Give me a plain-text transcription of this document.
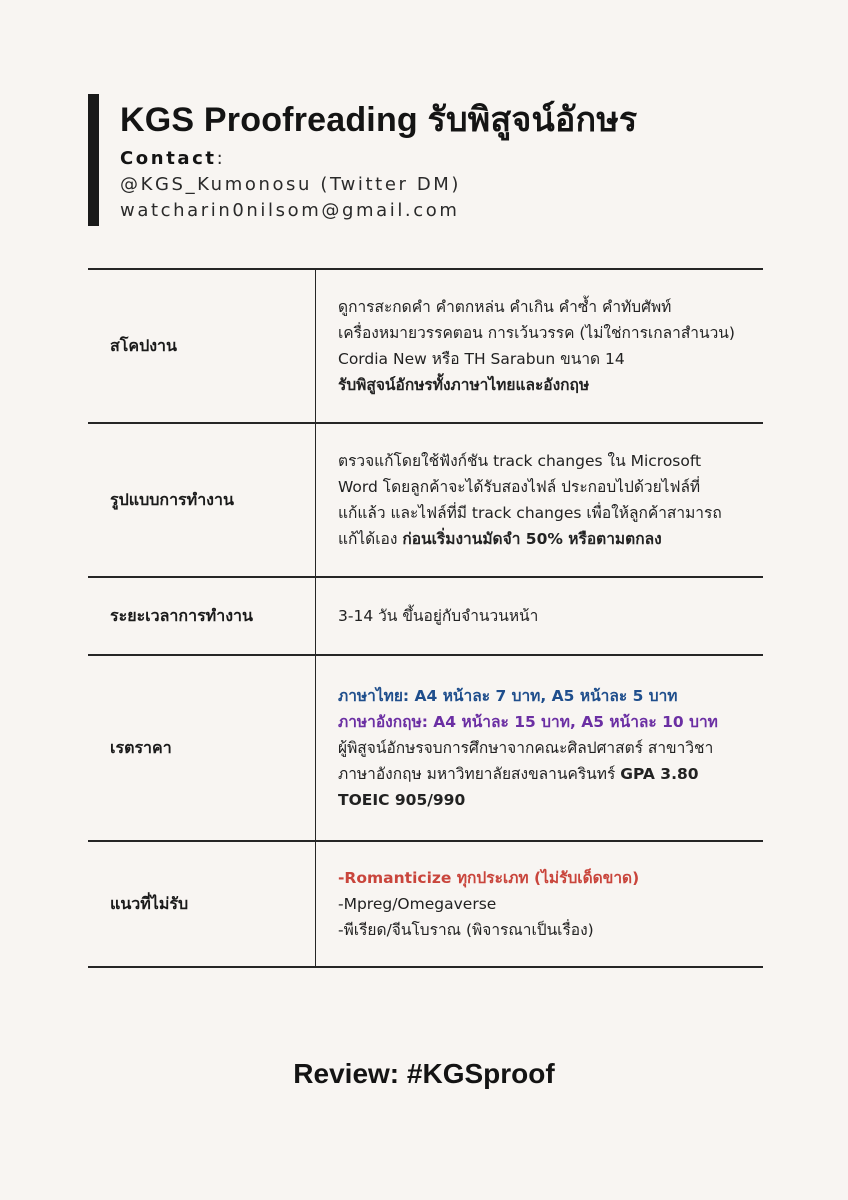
KGS Proofreading รับพิสูจน์อักษร
Contact:
@KGS_Kumonosu (Twitter DM)
watcharin0nilsom@gmail.com
สโคปงาน	ดูการสะกดคำ คำตกหล่น คำเกิน คำซ้ำ คำทับศัพท์
เครื่องหมายวรรคตอน การเว้นวรรค (ไม่ใช่การเกลาสำนวน)
Cordia New หรือ TH Sarabun ขนาด 14
รับพิสูจน์อักษรทั้งภาษาไทยและอังกฤษ

รูปแบบการทำงาน	ตรวจแก้โดยใช้ฟังก์ชัน track changes ใน Microsoft
Word โดยลูกค้าจะได้รับสองไฟล์ ประกอบไปด้วยไฟล์ที่
แก้แล้ว และไฟล์ที่มี track changes เพื่อให้ลูกค้าสามารถ
แก้ได้เอง ก่อนเริ่มงานมัดจำ 50% หรือตามตกลง

ระยะเวลาการทำงาน	3-14 วัน ขึ้นอยู่กับจำนวนหน้า

เรตราคา	ภาษาไทย: A4 หน้าละ 7 บาท, A5 หน้าละ 5 บาท
ภาษาอังกฤษ: A4 หน้าละ 15 บาท, A5 หน้าละ 10 บาท
ผู้พิสูจน์อักษรจบการศึกษาจากคณะศิลปศาสตร์ สาขาวิชา
ภาษาอังกฤษ มหาวิทยาลัยสงขลานครินทร์ GPA 3.80
TOEIC 905/990

แนวที่ไม่รับ	-Romanticize ทุกประเภท (ไม่รับเด็ดขาด)
-Mpreg/Omegaverse
-พีเรียด/จีนโบราณ (พิจารณาเป็นเรื่อง)
Review: #KGSproof
